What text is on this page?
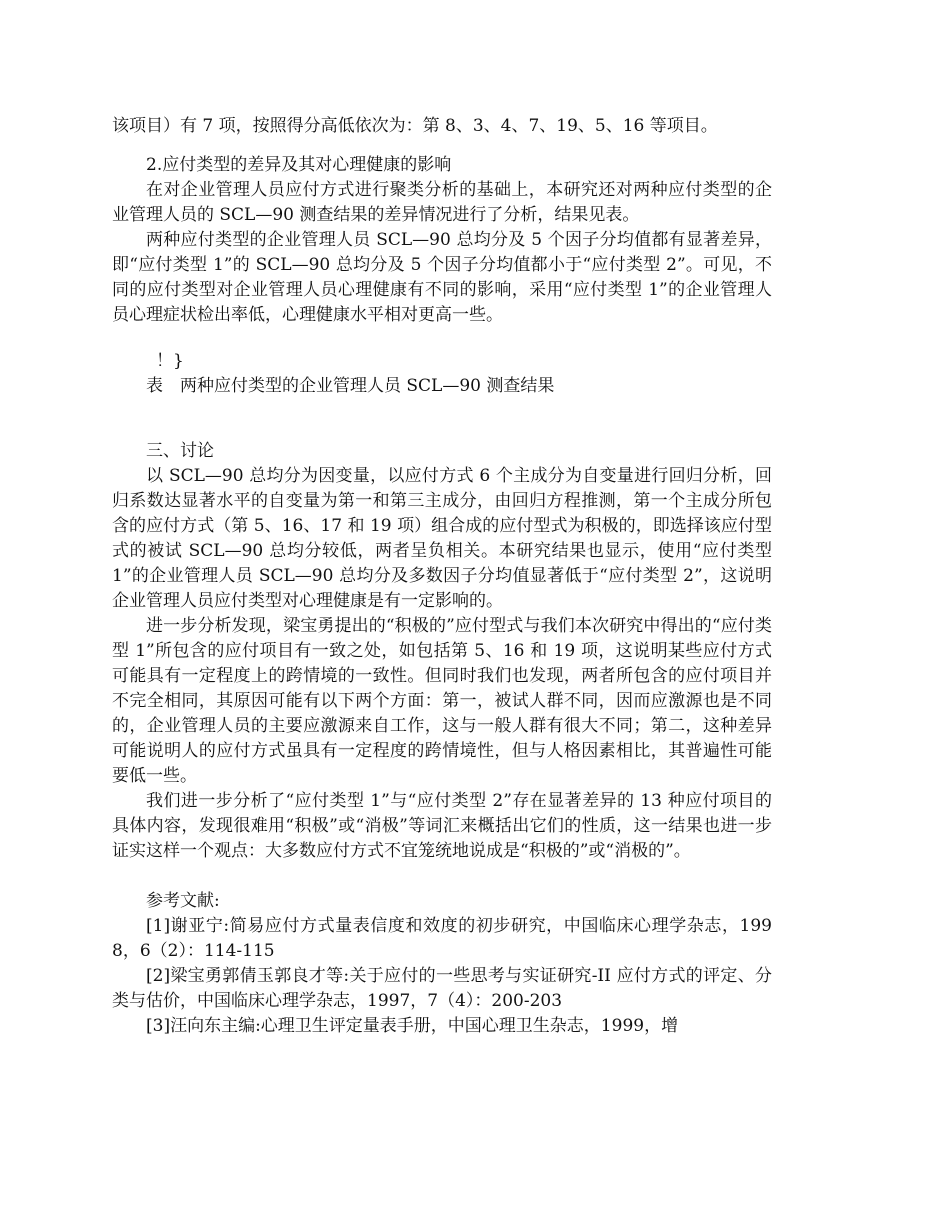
该项目）有 7 项，按照得分高低依次为：第 8、3、4、7、19、5、16 等项目。

2.应付类型的差异及其对心理健康的影响

在对企业管理人员应付方式进行聚类分析的基础上，本研究还对两种应付类型的企业管理人员的 SCL—90 测查结果的差异情况进行了分析，结果见表。

两种应付类型的企业管理人员 SCL—90 总均分及 5 个因子分均值都有显著差异，即“应付类型 1”的 SCL—90 总均分及 5 个因子分均值都小于“应付类型 2”。可见，不同的应付类型对企业管理人员心理健康有不同的影响，采用“应付类型 1”的企业管理人员心理症状检出率低，心理健康水平相对更高一些。

！}

表 两种应付类型的企业管理人员 SCL—90 测查结果

三、讨论

以 SCL—90 总均分为因变量，以应付方式 6 个主成分为自变量进行回归分析，回归系数达显著水平的自变量为第一和第三主成分，由回归方程推测，第一个主成分所包含的应付方式（第 5、16、17 和 19 项）组合成的应付型式为积极的，即选择该应付型式的被试 SCL—90 总均分较低，两者呈负相关。本研究结果也显示，使用“应付类型 1”的企业管理人员 SCL—90 总均分及多数因子分均值显著低于“应付类型 2”，这说明企业管理人员应付类型对心理健康是有一定影响的。

进一步分析发现，梁宝勇提出的“积极的”应付型式与我们本次研究中得出的“应付类型 1”所包含的应付项目有一致之处，如包括第 5、16 和 19 项，这说明某些应付方式可能具有一定程度上的跨情境的一致性。但同时我们也发现，两者所包含的应付项目并不完全相同，其原因可能有以下两个方面：第一，被试人群不同，因而应激源也是不同的，企业管理人员的主要应激源来自工作，这与一般人群有很大不同；第二，这种差异可能说明人的应付方式虽具有一定程度的跨情境性，但与人格因素相比，其普遍性可能要低一些。

我们进一步分析了“应付类型 1”与“应付类型 2”存在显著差异的 13 种应付项目的具体内容，发现很难用“积极”或“消极”等词汇来概括出它们的性质，这一结果也进一步证实这样一个观点：大多数应付方式不宜笼统地说成是“积极的”或“消极的”。

参考文献:

[1]谢亚宁:简易应付方式量表信度和效度的初步研究，中国临床心理学杂志，1998，6（2）：114-115

[2]梁宝勇郭倩玉郭良才等:关于应付的一些思考与实证研究-II 应付方式的评定、分类与估价，中国临床心理学杂志，1997，7（4）：200-203

[3]汪向东主编:心理卫生评定量表手册，中国心理卫生杂志，1999，增
